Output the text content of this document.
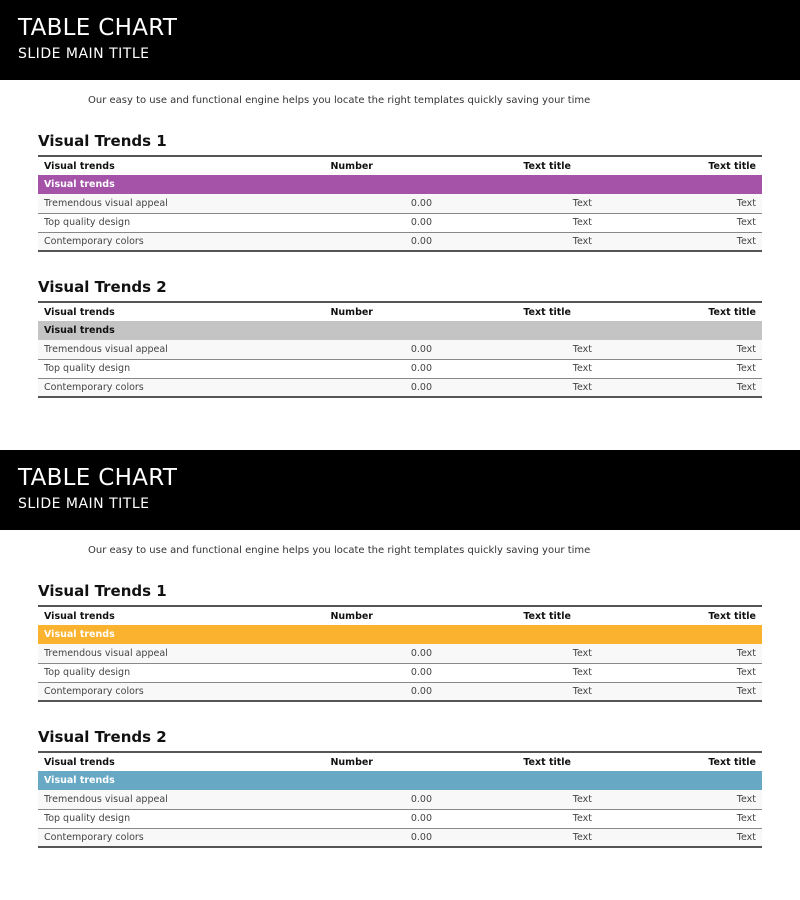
TABLE CHART
SLIDE MAIN TITLE
Our easy to use and functional engine helps you locate the right templates quickly saving your time
Visual Trends 1
Visual trends	Number	Text title	Text title
Visual trends			
Tremendous visual appeal	0.00	Text	Text
Top quality design	0.00	Text	Text
Contemporary colors	0.00	Text	Text
Visual Trends 2
Visual trends	Number	Text title	Text title
Visual trends			
Tremendous visual appeal	0.00	Text	Text
Top quality design	0.00	Text	Text
Contemporary colors	0.00	Text	Text
TABLE CHART
SLIDE MAIN TITLE
Our easy to use and functional engine helps you locate the right templates quickly saving your time
Visual Trends 1
Visual trends	Number	Text title	Text title
Visual trends			
Tremendous visual appeal	0.00	Text	Text
Top quality design	0.00	Text	Text
Contemporary colors	0.00	Text	Text
Visual Trends 2
Visual trends	Number	Text title	Text title
Visual trends			
Tremendous visual appeal	0.00	Text	Text
Top quality design	0.00	Text	Text
Contemporary colors	0.00	Text	Text
